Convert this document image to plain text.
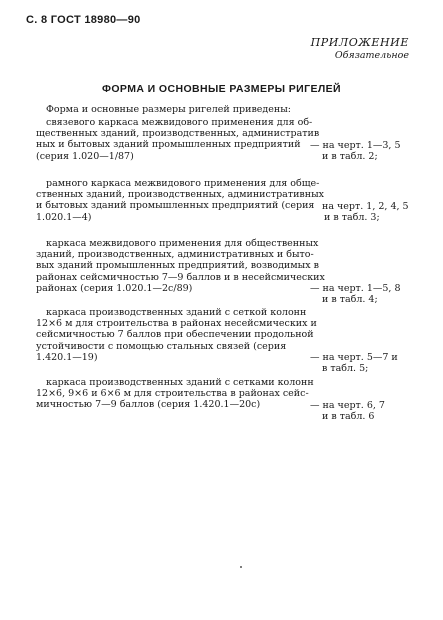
С. 8 ГОСТ 18980—90
ПРИЛОЖЕНИЕ
Обязательное
ФОРМА И ОСНОВНЫЕ РАЗМЕРЫ РИГЕЛЕЙ
Форма и основные размеры ригелей приведены:
связевого каркаса межвидового применения для об-
щественных зданий, производственных, административ
ных и бытовых зданий промышленных предприятий
(серия 1.020—1/87)
— на черт. 1—3, 5
и в табл. 2;
рамного каркаса межвидового применения для обще-
ственных зданий, производственных, административных
и бытовых зданий промышленных предприятий (серия
1.020.1—4)
на черт. 1, 2, 4, 5
и в табл. 3;
каркаса межвидового применения для общественных
зданий, производственных, административных и быто-
вых зданий промышленных предприятий, возводимых в
районах сейсмичностью 7—9 баллов и в несейсмических
районах (серия 1.020.1—2с/89)	— на черт. 1—5, 8
и в табл. 4;
каркаса производственных зданий с сеткой колонн
12×6 м для строительства в районах несейсмических и
сейсмичностью 7 баллов при обеспечении продольной
устойчивости с помощью стальных связей (серия
1.420.1—19)	— на черт. 5—7 и
в табл. 5;
каркаса производственных зданий с сетками колонн
12×6, 9×6 и 6×6 м для строительства в районах сейс-
мичностью 7—9 баллов (серия 1.420.1—20с)	— на черт. 6, 7
и в табл. 6
